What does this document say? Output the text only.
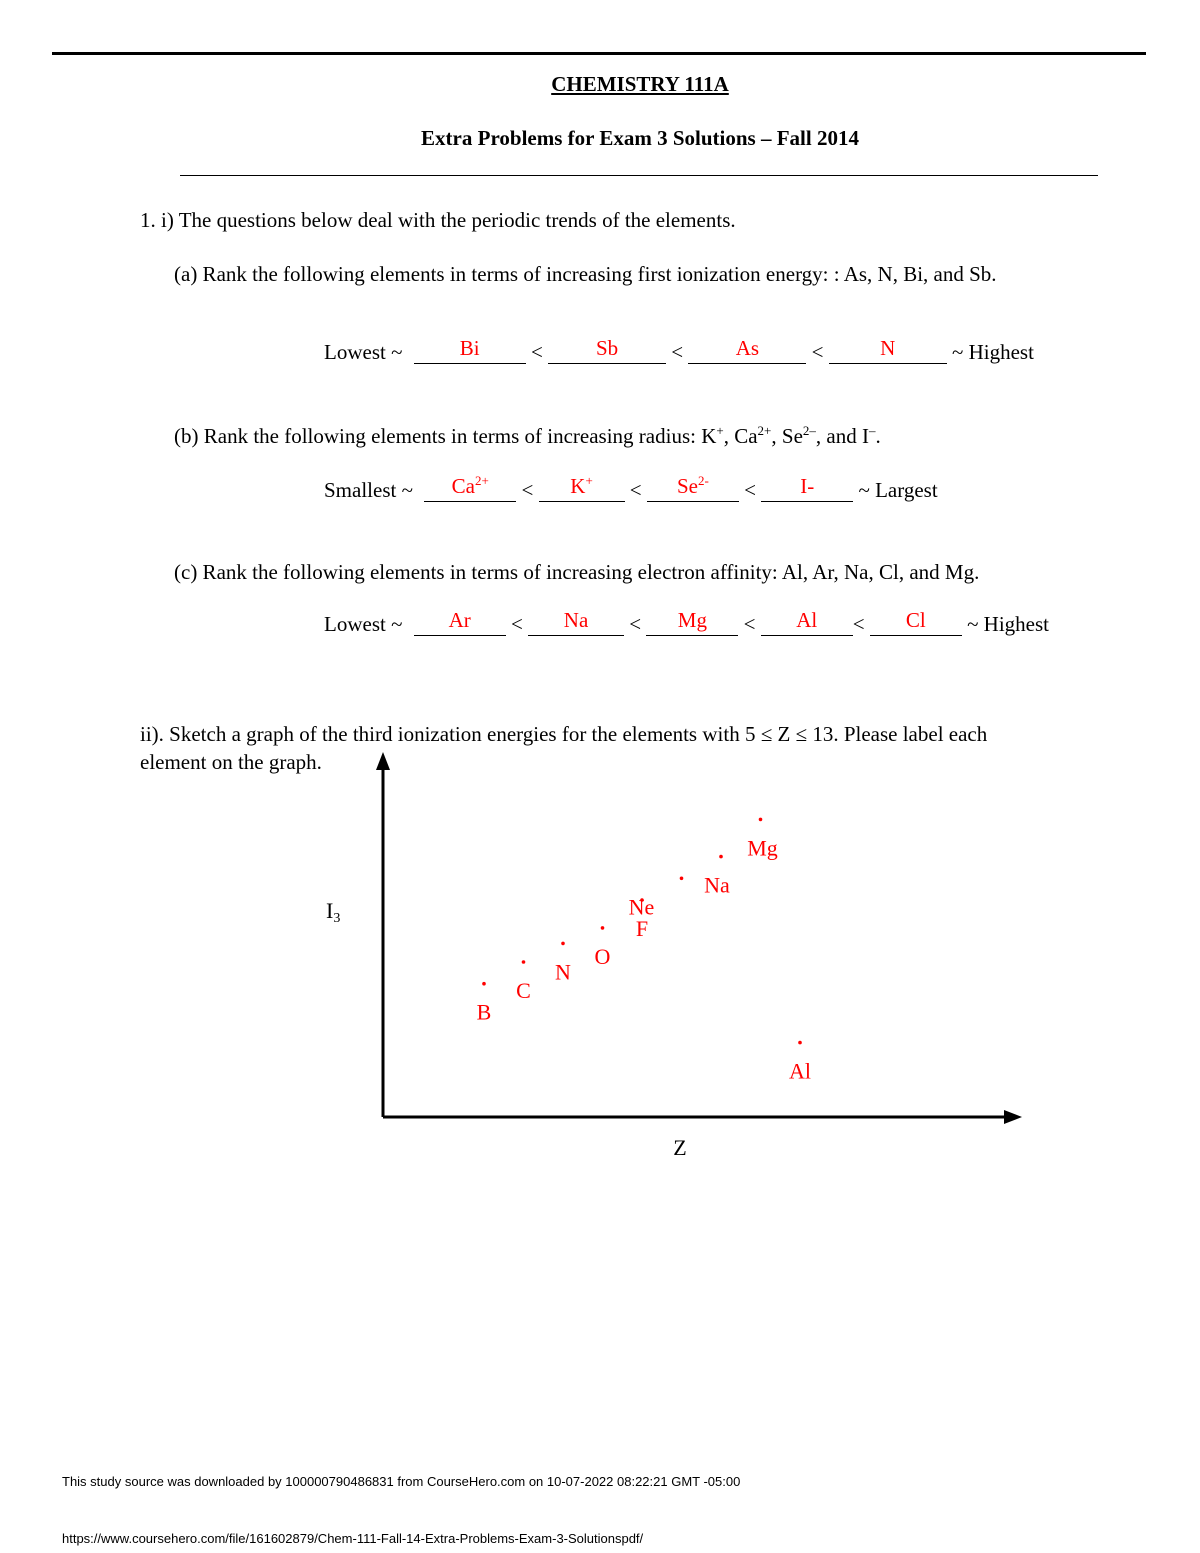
CHEMISTRY 111A
Extra Problems for Exam 3 Solutions – Fall 2014
1. i) The questions below deal with the periodic trends of the elements.
(a) Rank the following elements in terms of increasing first ionization energy: : As, N, Bi, and Sb.
Lowest ~	Bi <	Sb	<	As	<	N	~ Highest
(b) Rank the following elements in terms of increasing radius: K+, $Ca^{2+}$, $Se^{2-}$, and I–.
Smallest ~ $Ca^{2+} < K^+ < Se^{2-} < I-$ ~ Largest
(c) Rank the following elements in terms of increasing electron affinity: Al, Ar, Na, Cl, and Mg.
Lowest ~ Ar < Na < Mg < Al < Cl ~ Highest
ii). Sketch a graph of the third ionization energies for the elements with 5 ≤ Z ≤ 13. Please label each
element on the graph.
Z
I3
B
C
N
O
F
Ne
Na
Mg
Al
This study source was downloaded by 100000790486831 from CourseHero.com on 10-07-2022 08:22:21 GMT -05:00
https://www.coursehero.com/file/161602879/Chem-111-Fall-14-Extra-Problems-Exam-3-Solutionspdf/
